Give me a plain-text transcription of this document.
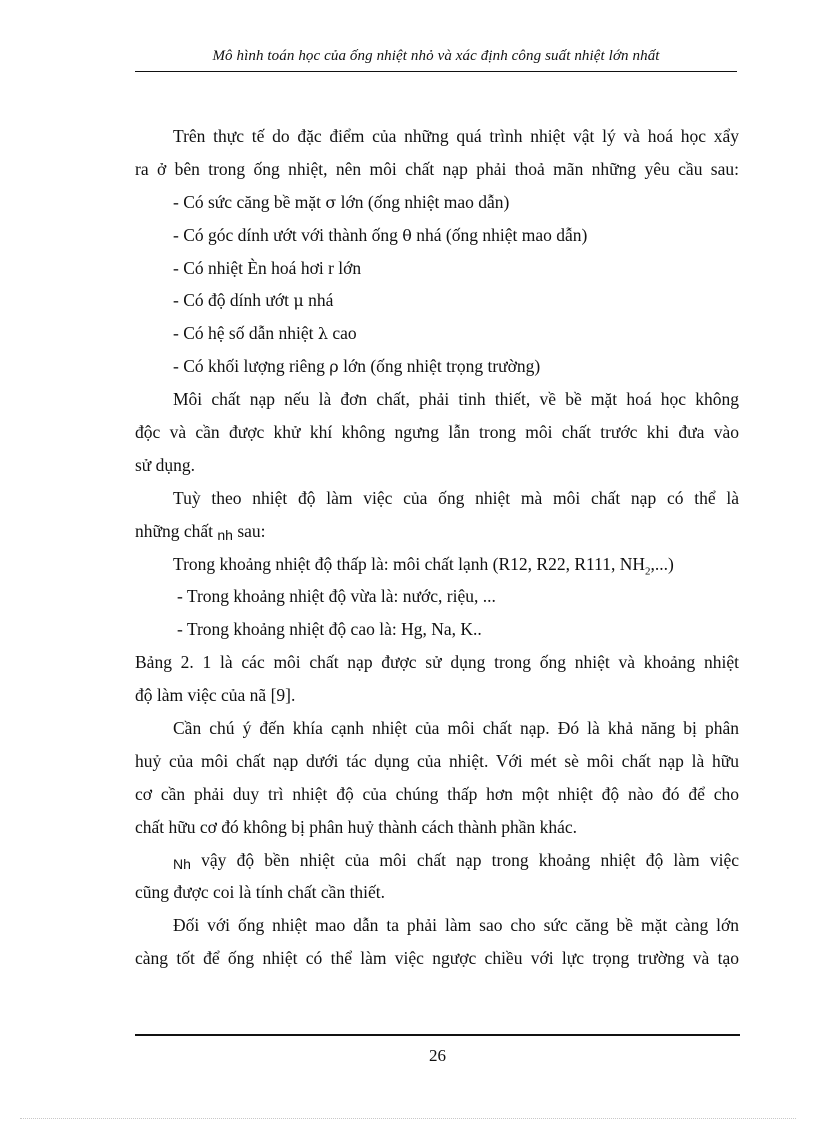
Mô hình toán học của ống nhiệt nhỏ và xác định công suất nhiệt lớn nhất
Trên thực tế do đặc điểm của những quá trình nhiệt vật lý và hoá học xẩy
ra ở bên trong ống nhiệt, nên môi chất nạp phải thoả mãn những yêu cầu sau:
- Có sức căng bề mặt σ lớn (ống nhiệt mao dẫn)
- Có góc dính ướt với thành ống θ nhá (ống nhiệt mao dẫn)
- Có nhiệt Èn hoá hơi r lớn
- Có độ dính ướt μ nhá
- Có hệ số dẫn nhiệt λ cao
- Có khối lượng riêng ρ lớn (ống nhiệt trọng trường)
Môi chất nạp nếu là đơn chất, phải tinh thiết, về bề mặt hoá học không
độc và cần được khử khí không ngưng lẫn trong môi chất trước khi đưa vào
sử dụng.
Tuỳ theo nhiệt độ làm việc của ống nhiệt mà môi chất nạp có thể là
những chất nh sau:
Trong khoảng nhiệt độ thấp là: môi chất lạnh (R12, R22, R111, $NH_2$,...)
- Trong khoảng nhiệt độ vừa là: nước, riệu, ...
- Trong khoảng nhiệt độ cao là: Hg, Na, K..
Bảng 2. 1 là các môi chất nạp được sử dụng trong ống nhiệt và khoảng nhiệt
độ làm việc của nã [9].
Cần chú ý đến khía cạnh nhiệt của môi chất nạp. Đó là khả năng bị phân
huỷ của môi chất nạp dưới tác dụng của nhiệt. Với mét sè môi chất nạp là hữu
cơ cần phải duy trì nhiệt độ của chúng thấp hơn một nhiệt độ nào đó để cho
chất hữu cơ đó không bị phân huỷ thành cách thành phần khác.
Nh vậy độ bền nhiệt của môi chất nạp trong khoảng nhiệt độ làm việc
cũng được coi là tính chất cần thiết.
Đối với ống nhiệt mao dẫn ta phải làm sao cho sức căng bề mặt càng lớn
càng tốt để ống nhiệt có thể làm việc ngược chiều với lực trọng trường và tạo
26
